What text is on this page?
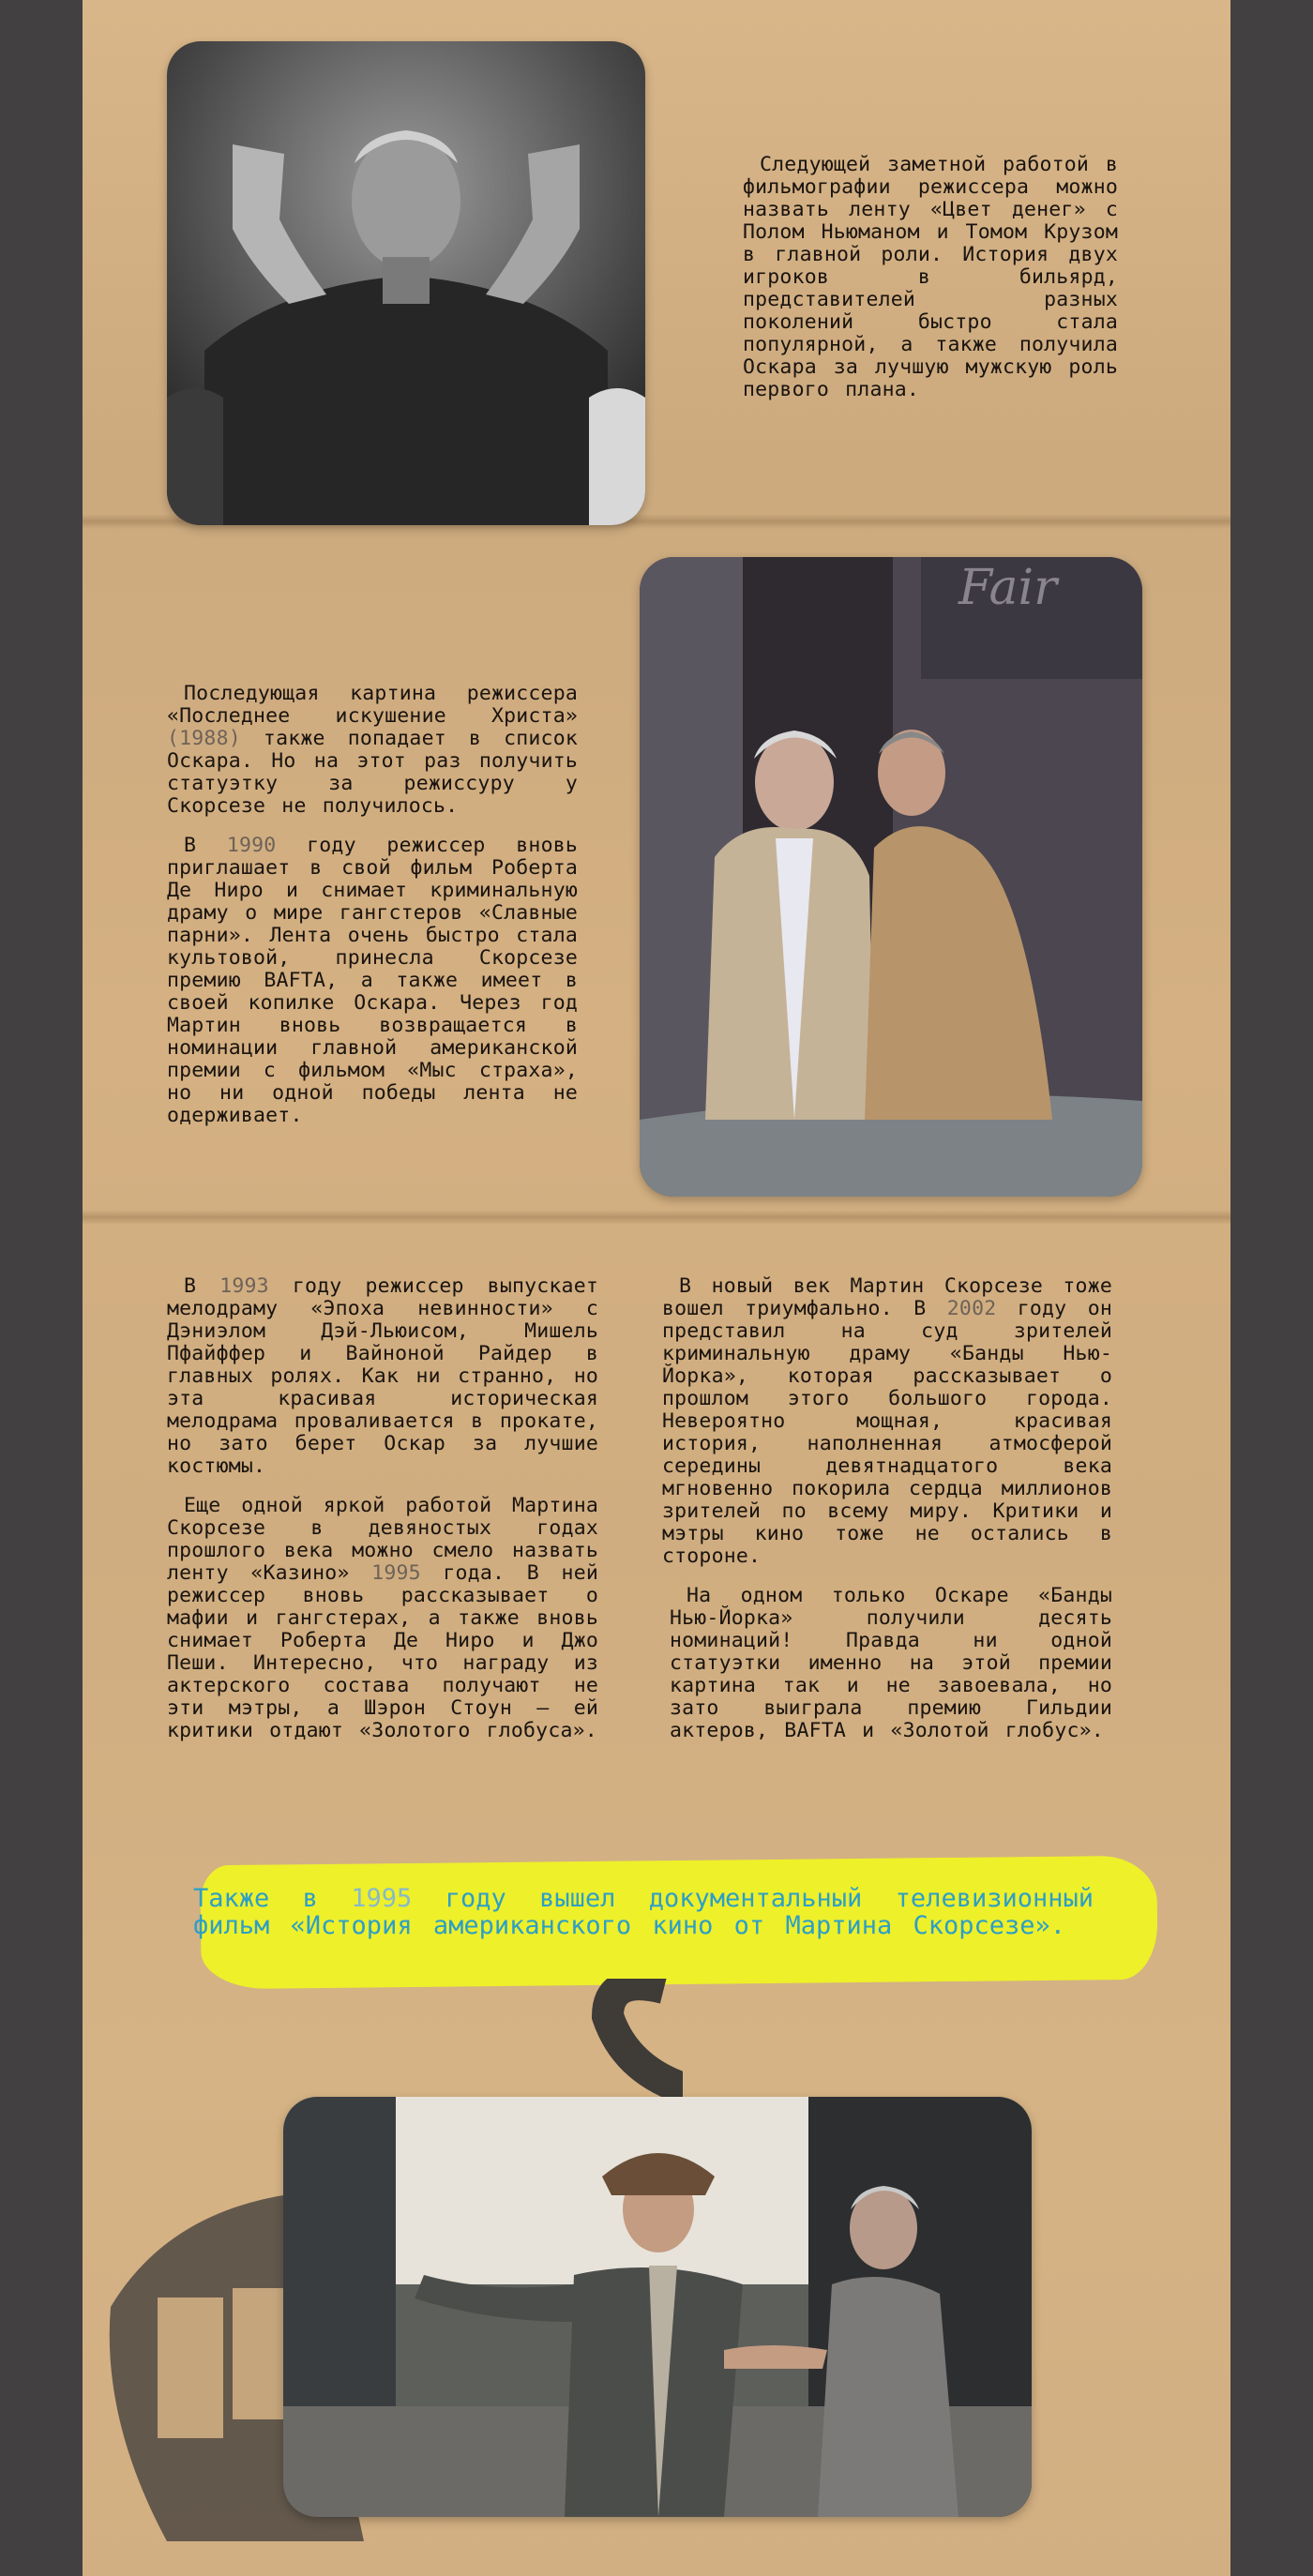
Следующей заметной работой в фильмографии режиссера можно назвать ленту «Цвет денег» с Полом Ньюманом и Томом Крузом в главной роли. История двух игроков в бильярд, представителей разных поколений быстро стала популярной, а также получила Оскара за лучшую мужскую роль первого плана.

Последующая картина режиссера «Последнее искушение Христа» (1988) также попадает в список Оскара. Но на этот раз получить статуэтку за режиссуру у Скорсезе не получилось.

В 1990 году режиссер вновь приглашает в свой фильм Роберта Де Ниро и снимает криминальную драму о мире гангстеров «Славные парни». Лента очень быстро стала культовой, принесла Скорсезе премию BAFTA, а также имеет в своей копилке Оскара. Через год Мартин вновь возвращается в номинации главной американской премии с фильмом «Мыс страха», но ни одной победы лента не одерживает.

Fair

В 1993 году режиссер выпускает мелодраму «Эпоха невинности» с Дэниэлом Дэй-Льюисом, Мишель Пфайффер и Вайноной Райдер в главных ролях. Как ни странно, но эта красивая историческая мелодрама проваливается в прокате, но зато берет Оскар за лучшие костюмы.

Еще одной яркой работой Мартина Скорсезе в девяностых годах прошлого века можно смело назвать ленту «Казино» 1995 года. В ней режиссер вновь рассказывает о мафии и гангстерах, а также вновь снимает Роберта Де Ниро и Джо Пеши. Интересно, что награду из актерского состава получают не эти мэтры, а Шэрон Стоун – ей критики отдают «Золотого глобуса».

В новый век Мартин Скорсезе тоже вошел триумфально. В 2002 году он представил на суд зрителей криминальную драму «Банды Нью-Йорка», которая рассказывает о прошлом этого большого города. Невероятно мощная, красивая история, наполненная атмосферой середины девятнадцатого века мгновенно покорила сердца миллионов зрителей по всему миру. Критики и мэтры кино тоже не остались в стороне.

На одном только Оскаре «Банды Нью-Йорка» получили десять номинаций! Правда ни одной статуэтки именно на этой премии картина так и не завоевала, но зато выиграла премию Гильдии актеров, BAFTA и «Золотой глобус».

Также в 1995 году вышел документальный телевизионный фильм «История американского кино от Мартина Скорсезе».
